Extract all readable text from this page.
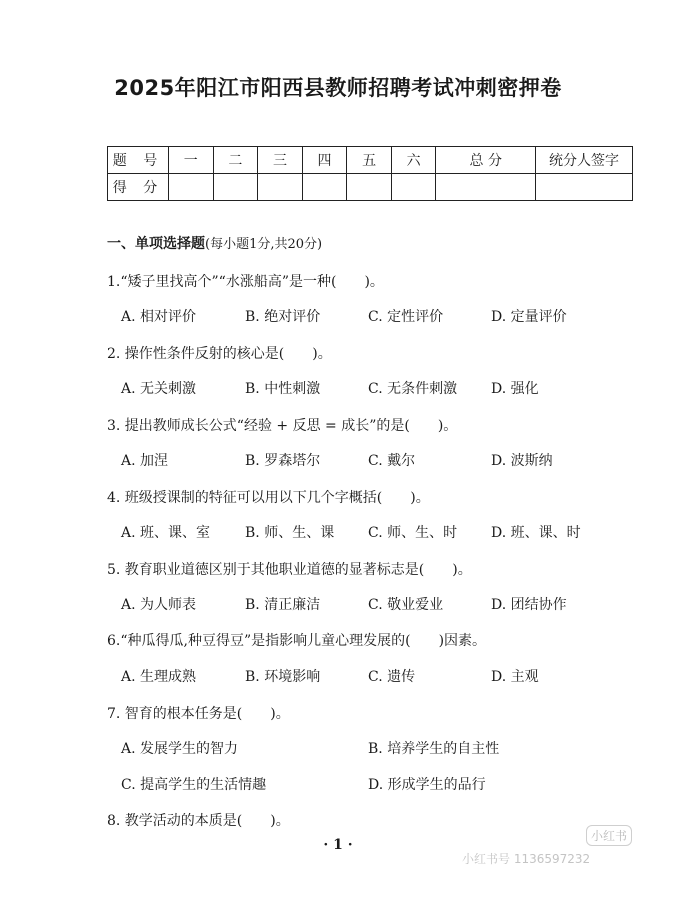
2025年阳江市阳西县教师招聘考试冲刺密押卷
题 号	一	二	三	四	五	六	总 分	统分人签字
得 分								
一、单项选择题(每小题1分,共20分)
1.“矮子里找高个”“水涨船高”是一种(　　)。
A. 相对评价	B. 绝对评价	C. 定性评价	D. 定量评价
2. 操作性条件反射的核心是(　　)。
A. 无关刺激	B. 中性刺激	C. 无条件刺激 D. 强化
3. 提出教师成长公式“经验 + 反思 = 成长”的是(　　)。
A. 加涅	B. 罗森塔尔	C. 戴尔	D. 波斯纳
4. 班级授课制的特征可以用以下几个字概括(　　)。
A. 班、课、室 B. 师、生、课 C. 师、生、时 D. 班、课、时
5. 教育职业道德区别于其他职业道德的显著标志是(　　)。
A. 为人师表	B. 清正廉洁	C. 敬业爱业	D. 团结协作
6.“种瓜得瓜,种豆得豆”是指影响儿童心理发展的(　　)因素。
A. 生理成熟	B. 环境影响	C. 遗传	D. 主观
7. 智育的根本任务是(　　)。
A. 发展学生的智力	B. 培养学生的自主性
C. 提高学生的生活情趣	D. 形成学生的品行
8. 教学活动的本质是(　　)。
· 1 ·
小红书
小红书号 1136597232
